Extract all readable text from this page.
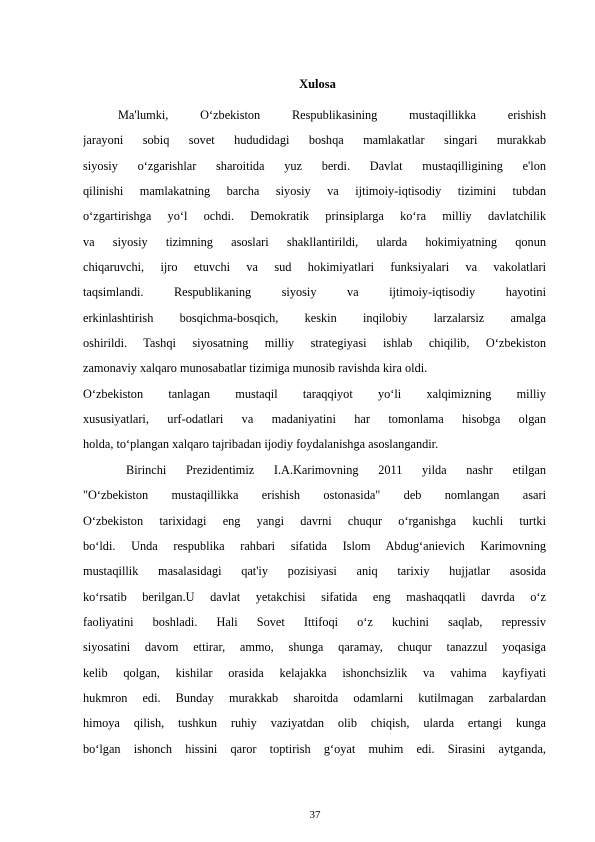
Xulosa
Ma'lumki, O‘zbekiston Respublikasining mustaqillikka erishish
jarayoni sobiq sovet hududidagi boshqa mamlakatlar singari murakkab
siyosiy o‘zgarishlar sharoitida yuz berdi. Davlat mustaqilligining e'lon
qilinishi mamlakatning barcha siyosiy va ijtimoiy-iqtisodiy tizimini tubdan
o‘zgartirishga yo‘l ochdi. Demokratik prinsiplarga ko‘ra milliy davlatchilik
va siyosiy tizimning asoslari shakllantirildi, ularda hokimiyatning qonun
chiqaruvchi, ijro etuvchi va sud hokimiyatlari funksiyalari va vakolatlari
taqsimlandi. Respublikaning siyosiy va ijtimoiy-iqtisodiy hayotini
erkinlashtirish bosqichma-bosqich, keskin inqilobiy larzalarsiz amalga
oshirildi. Tashqi siyosatning milliy strategiyasi ishlab chiqilib, O‘zbekiston
zamonaviy xalqaro munosabatlar tizimiga munosib ravishda kira oldi.
O‘zbekiston tanlagan mustaqil taraqqiyot yo‘li xalqimizning milliy
xususiyatlari, urf-odatlari va madaniyatini har tomonlama hisobga olgan
holda, to‘plangan xalqaro tajribadan ijodiy foydalanishga asoslangandir.
Birinchi Prezidentimiz I.A.Karimovning 2011 yilda nashr etilgan
"O‘zbekiston mustaqillikka erishish ostonasida" deb nomlangan asari
O‘zbekiston tarixidagi eng yangi davrni chuqur o‘rganishga kuchli turtki
bo‘ldi. Unda respublika rahbari sifatida Islom Abdug‘anievich Karimovning
mustaqillik masalasidagi qat'iy pozisiyasi aniq tarixiy hujjatlar asosida
ko‘rsatib berilgan.U davlat yetakchisi sifatida eng mashaqqatli davrda o‘z
faoliyatini boshladi. Hali Sovet Ittifoqi o‘z kuchini saqlab, repressiv
siyosatini davom ettirar, ammo, shunga qaramay, chuqur tanazzul yoqasiga
kelib qolgan, kishilar orasida kelajakka ishonchsizlik va vahima kayfiyati
hukmron edi. Bunday murakkab sharoitda odamlarni kutilmagan zarbalardan
himoya qilish, tushkun ruhiy vaziyatdan olib chiqish, ularda ertangi kunga
bo‘lgan ishonch hissini qaror toptirish g‘oyat muhim edi. Sirasini aytganda,
37
